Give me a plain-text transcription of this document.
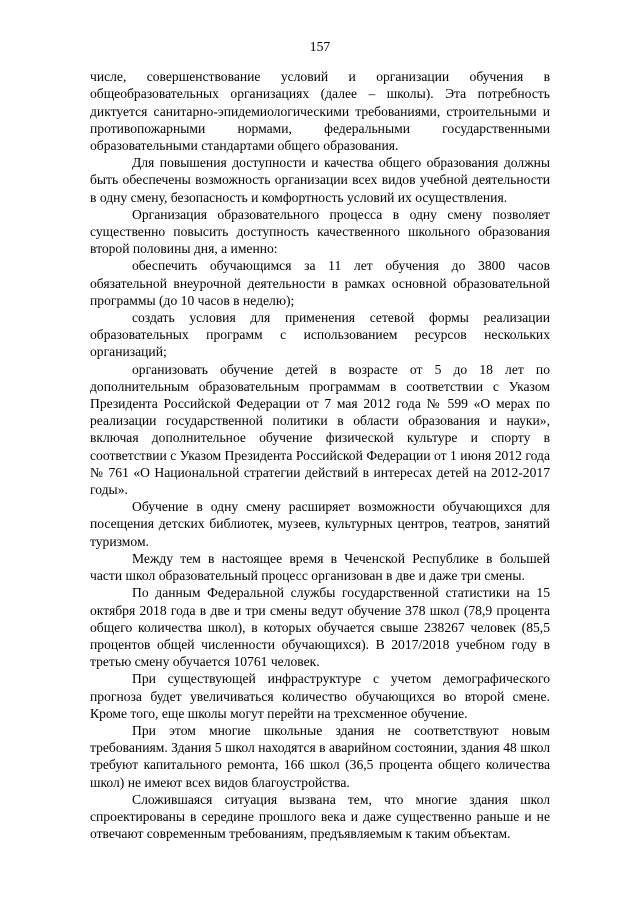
157

числе, совершенствование условий и организации обучения в общеобразовательных организациях (далее – школы). Эта потребность диктуется санитарно-эпидемиологическими требованиями, строительными и противопожарными нормами, федеральными государственными образовательными стандартами общего образования.

Для повышения доступности и качества общего образования должны быть обеспечены возможность организации всех видов учебной деятельности в одну смену, безопасность и комфортность условий их осуществления.

Организация образовательного процесса в одну смену позволяет существенно повысить доступность качественного школьного образования второй половины дня, а именно:

обеспечить обучающимся за 11 лет обучения до 3800 часов обязательной внеурочной деятельности в рамках основной образовательной программы (до 10 часов в неделю);

создать условия для применения сетевой формы реализации образовательных программ с использованием ресурсов нескольких организаций;

организовать обучение детей в возрасте от 5 до 18 лет по дополнительным образовательным программам в соответствии с Указом Президента Российской Федерации от 7 мая 2012 года № 599 «О мерах по реализации государственной политики в области образования и науки», включая дополнительное обучение физической культуре и спорту в соответствии с Указом Президента Российской Федерации от 1 июня 2012 года № 761 «О Национальной стратегии действий в интересах детей на 2012-2017 годы».

Обучение в одну смену расширяет возможности обучающихся для посещения детских библиотек, музеев, культурных центров, театров, занятий туризмом.

Между тем в настоящее время в Чеченской Республике в большей части школ образовательный процесс организован в две и даже три смены.

По данным Федеральной службы государственной статистики на 15 октября 2018 года в две и три смены ведут обучение 378 школ (78,9 процента общего количества школ), в которых обучается свыше 238267 человек (85,5 процентов общей численности обучающихся). В 2017/2018 учебном году в третью смену обучается 10761 человек.

При существующей инфраструктуре с учетом демографического прогноза будет увеличиваться количество обучающихся во второй смене. Кроме того, еще школы могут перейти на трехсменное обучение.

При этом многие школьные здания не соответствуют новым требованиям. Здания 5 школ находятся в аварийном состоянии, здания 48 школ требуют капитального ремонта, 166 школ (36,5 процента общего количества школ) не имеют всех видов благоустройства.

Сложившаяся ситуация вызвана тем, что многие здания школ спроектированы в середине прошлого века и даже существенно раньше и не отвечают современным требованиям, предъявляемым к таким объектам.
